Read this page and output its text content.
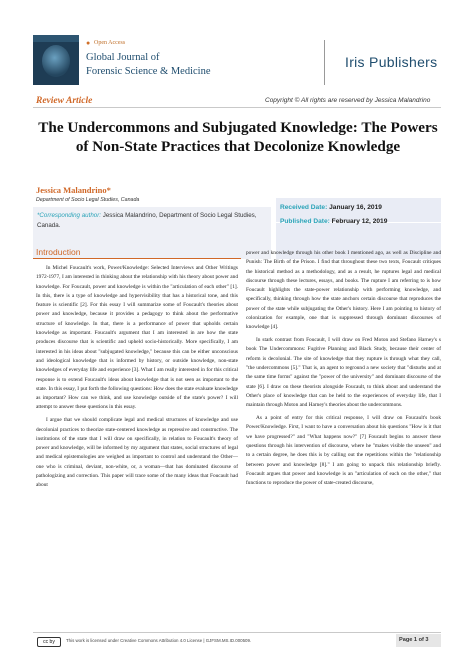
● Open Access
Global Journal of
Forensic Science & Medicine
Iris Publishers
Review Article	Copyright © All rights are reserved by Jessica Malandrino
The Undercommons and Subjugated Knowledge: The Powers of Non-State Practices that Decolonize Knowledge
Jessica Malandrino*
Department of Socio Legal Studies, Canada
*Corresponding author: Jessica Malandrino, Department of Socio Legal Studies, Canada.
Received Date: January 16, 2019
Published Date: February 12, 2019
Introduction

In Michel Foucault's work, Power/Knowledge: Selected Interviews and Other Writings 1972-1977, I am interested in thinking about the relationship with his theory about power and knowledge. For Foucault, power and knowledge is within the "articulation of each other" [1]. In this, there is a type of knowledge and hypervisibility that has a historical tone, and this feature is scientific [2]. For this essay I will summarize some of Foucault's theories about power and knowledge, because it provides a pedagogy to think about the performative structure of knowledge. In that, there is a performance of power that upholds certain knowledge as important. Foucault's argument that I am interested in are how the state produces discourse that is scientific and upheld socio-historically. More specifically, I am interested in his ideas about "subjugated knowledge," because this can be either unconscious and ideological knowledge that is informed by history, or outside knowledge, non-state knowledges of everyday life and experience [3]. What I am really interested in for this critical response is to extend Foucault's ideas about knowledge that is not seen as important to the state. In this essay, I put forth the following questions: How does the state evaluate knowledge as important? How can we think, and use knowledge outside of the state's power? I will attempt to answer these questions in this essay.

I argue that we should complicate legal and medical structures of knowledge and use decolonial practices to theorize state-centered knowledge as repressive and constructive. The institutions of the state that I will draw on specifically, in relation to Foucault's theory of power and knowledge, will be informed by my argument that states, social structures of legal and medical epistemologies are weighed as important to control and understand the Other—one who is criminal, deviant, non-white, or, a woman—that has dominated discourse of pathologizing and correction. This paper will trace some of the many ideas that Foucault had about

power and knowledge through his other book I mentioned ago, as well as Discipline and Punish: The Birth of the Prison. I find that throughout these two texts, Foucault critiques the historical method as a methodology, and as a result, he ruptures legal and medical discourse through these lectures, essays, and books. The rupture I am referring to is how Foucault highlights the state-power relationship with performing knowledge, and specifically, thinking through how the state anchors certain discourse that reproduces the power of the state while subjugating the Other's history. Here I am pointing to history of colonization for example, one that is suppressed through dominant discourses of knowledge [4].

In stark contrast from Foucault, I will draw on Fred Moton and Stefano Harney's s book The Undercommons: Fugitive Planning and Black Study, because their center of reform is decolonial. The site of knowledge that they rupture is through what they call, "the undercommons [5]." That is, an agent to reground a new society that "disturbs and at the same time forms" against the "power of the university" and dominant discourse of the state [6]. I draw on these theorists alongside Foucault, to think about and understand the Other's place of knowledge that can be held to the experiences of everyday life, that I maintain through Moton and Harney's theories about the undercommons.

As a point of entry for this critical response, I will draw on Foucault's book Power/Knowledge. First, I want to have a conversation about his questions "How is it that we have progressed?" and "What happens now?" [7] Foucault begins to answer these questions through his intervention of discourse, where he "makes visible the unseen" and to a certain degree, he does this is by calling out the repetitions within the "relationship between power and knowledge [8]." I am going to unpack this relationship briefly. Foucault argues that power and knowledge is an "articulation of each on the other," that functions to reproduce the power of state-created discourse,

cc by	This work is licensed under Creative Commons Attribution 4.0 License | GJFSM.MS.ID.000509.	Page 1 of 3
